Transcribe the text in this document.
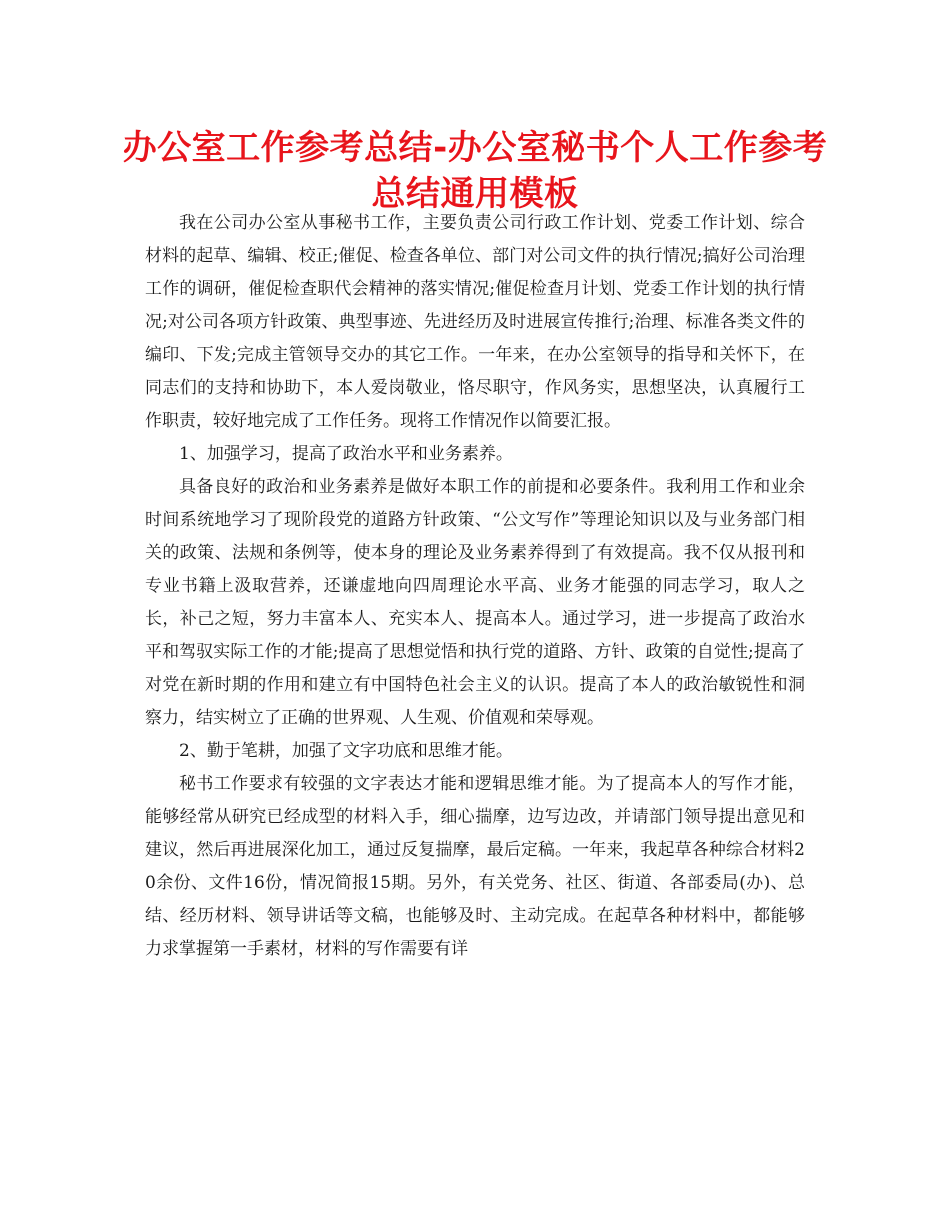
办公室工作参考总结-办公室秘书个人工作参考总结通用模板

我在公司办公室从事秘书工作，主要负责公司行政工作计划、党委工作计划、综合材料的起草、编辑、校正;催促、检查各单位、部门对公司文件的执行情况;搞好公司治理工作的调研，催促检查职代会精神的落实情况;催促检查月计划、党委工作计划的执行情况;对公司各项方针政策、典型事迹、先进经历及时进展宣传推行;治理、标准各类文件的编印、下发;完成主管领导交办的其它工作。一年来，在办公室领导的指导和关怀下，在同志们的支持和协助下，本人爱岗敬业，恪尽职守，作风务实，思想坚决，认真履行工作职责，较好地完成了工作任务。现将工作情况作以简要汇报。

1、加强学习，提高了政治水平和业务素养。

具备良好的政治和业务素养是做好本职工作的前提和必要条件。我利用工作和业余时间系统地学习了现阶段党的道路方针政策、“公文写作”等理论知识以及与业务部门相关的政策、法规和条例等，使本身的理论及业务素养得到了有效提高。我不仅从报刊和专业书籍上汲取营养，还谦虚地向四周理论水平高、业务才能强的同志学习，取人之长，补己之短，努力丰富本人、充实本人、提高本人。通过学习，进一步提高了政治水平和驾驭实际工作的才能;提高了思想觉悟和执行党的道路、方针、政策的自觉性;提高了对党在新时期的作用和建立有中国特色社会主义的认识。提高了本人的政治敏锐性和洞察力，结实树立了正确的世界观、人生观、价值观和荣辱观。

2、勤于笔耕，加强了文字功底和思维才能。

秘书工作要求有较强的文字表达才能和逻辑思维才能。为了提高本人的写作才能，能够经常从研究已经成型的材料入手，细心揣摩，边写边改，并请部门领导提出意见和建议，然后再进展深化加工，通过反复揣摩，最后定稿。一年来，我起草各种综合材料20余份、文件16份，情况简报15期。另外，有关党务、社区、街道、各部委局(办)、总结、经历材料、领导讲话等文稿，也能够及时、主动完成。在起草各种材料中，都能够力求掌握第一手素材，材料的写作需要有详
